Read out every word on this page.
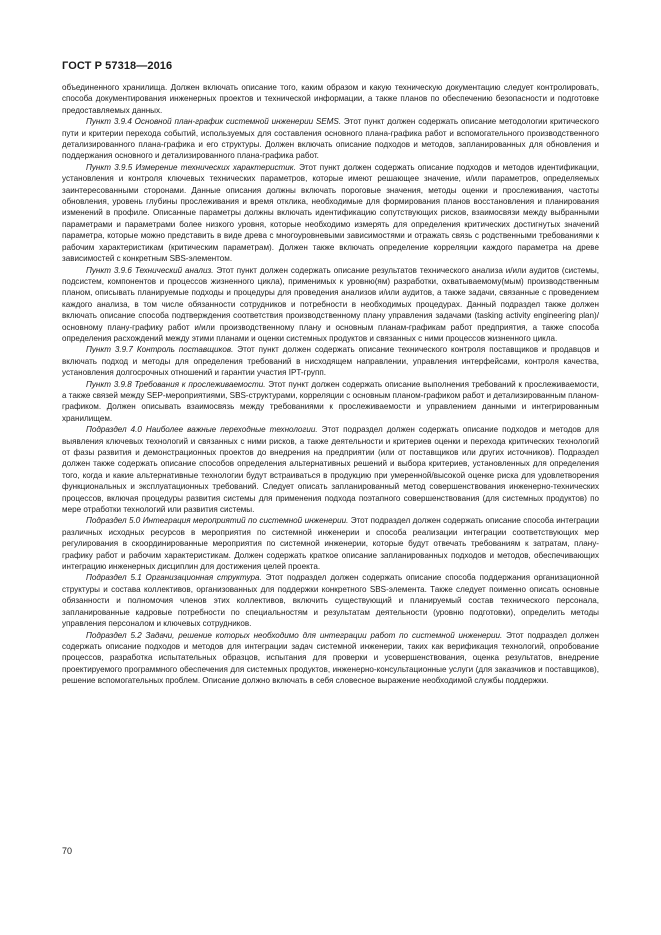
ГОСТ Р 57318—2016

объединенного хранилища. Должен включать описание того, каким образом и какую техническую документацию следует контролировать, способа документирования инженерных проектов и технической информации, а также планов по обеспечению безопасности и подготовке предоставляемых данных.

Пункт 3.9.4 Основной план-график системной инженерии SEMS. Этот пункт должен содержать описание методологии критического пути и критерии перехода событий, используемых для составления основного плана-графика работ и вспомогательного производственного детализированного плана-графика и его структуры. Должен включать описание подходов и методов, запланированных для обновления и поддержания основного и детализированного плана-графика работ.

Пункт 3.9.5 Измерение технических характеристик. Этот пункт должен содержать описание подходов и методов идентификации, установления и контроля ключевых технических параметров, которые имеют решающее значение, и/или параметров, определяемых заинтересованными сторонами. Данные описания должны включать пороговые значения, методы оценки и прослеживания, частоты обновления, уровень глубины прослеживания и время отклика, необходимые для формирования планов восстановления и планирования изменений в профиле. Описанные параметры должны включать идентификацию сопутствующих рисков, взаимосвязи между выбранными параметрами и параметрами более низкого уровня, которые необходимо измерять для определения критических достигнутых значений параметра, которые можно представить в виде древа с многоуровневыми зависимостями и отражать связь с родственными требованиями к рабочим характеристикам (критическим параметрам). Должен также включать определение корреляции каждого параметра на древе зависимостей с конкретным SBS-элементом.

Пункт 3.9.6 Технический анализ. Этот пункт должен содержать описание результатов технического анализа и/или аудитов (системы, подсистем, компонентов и процессов жизненного цикла), применимых к уровню(ям) разработки, охватываемому(мым) производственным планом, описывать планируемые подходы и процедуры для проведения анализов и/или аудитов, а также задачи, связанные с проведением каждого анализа, в том числе обязанности сотрудников и потребности в необходимых процедурах. Данный подраздел также должен включать описание способа подтверждения соответствия производственному плану управления задачами (tasking activity engineering plan)/основному плану-графику работ и/или производственному плану и основным планам-графикам работ предприятия, а также способа определения расхождений между этими планами и оценки системных продуктов и связанных с ними процессов жизненного цикла.

Пункт 3.9.7 Контроль поставщиков. Этот пункт должен содержать описание технического контроля поставщиков и продавцов и включать подход и методы для определения требований в нисходящем направлении, управления интерфейсами, контроля качества, установления долгосрочных отношений и гарантии участия IPT-групп.

Пункт 3.9.8 Требования к прослеживаемости. Этот пункт должен содержать описание выполнения требований к прослеживаемости, а также связей между SEP-мероприятиями, SBS-структурами, корреляции с основным планом-графиком работ и детализированным планом-графиком. Должен описывать взаимосвязь между требованиями к прослеживаемости и управлением данными и интегрированным хранилищем.

Подраздел 4.0 Наиболее важные переходные технологии. Этот подраздел должен содержать описание подходов и методов для выявления ключевых технологий и связанных с ними рисков, а также деятельности и критериев оценки и перехода критических технологий от фазы развития и демонстрационных проектов до внедрения на предприятии (или от поставщиков или других источников). Подраздел должен также содержать описание способов определения альтернативных решений и выбора критериев, установленных для определения того, когда и какие альтернативные технологии будут встраиваться в продукцию при умеренной/высокой оценке риска для удовлетворения функциональных и эксплуатационных требований. Следует описать запланированный метод совершенствования инженерно-технических процессов, включая процедуры развития системы для применения подхода поэтапного совершенствования (для системных продуктов) по мере отработки технологий или развития системы.

Подраздел 5.0 Интеграция мероприятий по системной инженерии. Этот подраздел должен содержать описание способа интеграции различных исходных ресурсов в мероприятия по системной инженерии и способа реализации интеграции соответствующих мер регулирования в скоординированные мероприятия по системной инженерии, которые будут отвечать требованиям к затратам, плану-графику работ и рабочим характеристикам. Должен содержать краткое описание запланированных подходов и методов, обеспечивающих интеграцию инженерных дисциплин для достижения целей проекта.

Подраздел 5.1 Организационная структура. Этот подраздел должен содержать описание способа поддержания организационной структуры и состава коллективов, организованных для поддержки конкретного SBS-элемента. Также следует поименно описать основные обязанности и полномочия членов этих коллективов, включить существующий и планируемый состав технического персонала, запланированные кадровые потребности по специальностям и результатам деятельности (уровню подготовки), определить методы управления персоналом и ключевых сотрудников.

Подраздел 5.2 Задачи, решение которых необходимо для интеграции работ по системной инженерии. Этот подраздел должен содержать описание подходов и методов для интеграции задач системной инженерии, таких как верификация технологий, опробование процессов, разработка испытательных образцов, испытания для проверки и усовершенствования, оценка результатов, внедрение проектируемого программного обеспечения для системных продуктов, инженерно-консультационные услуги (для заказчиков и поставщиков), решение вспомогательных проблем. Описание должно включать в себя словесное выражение необходимой службы поддержки.

70
